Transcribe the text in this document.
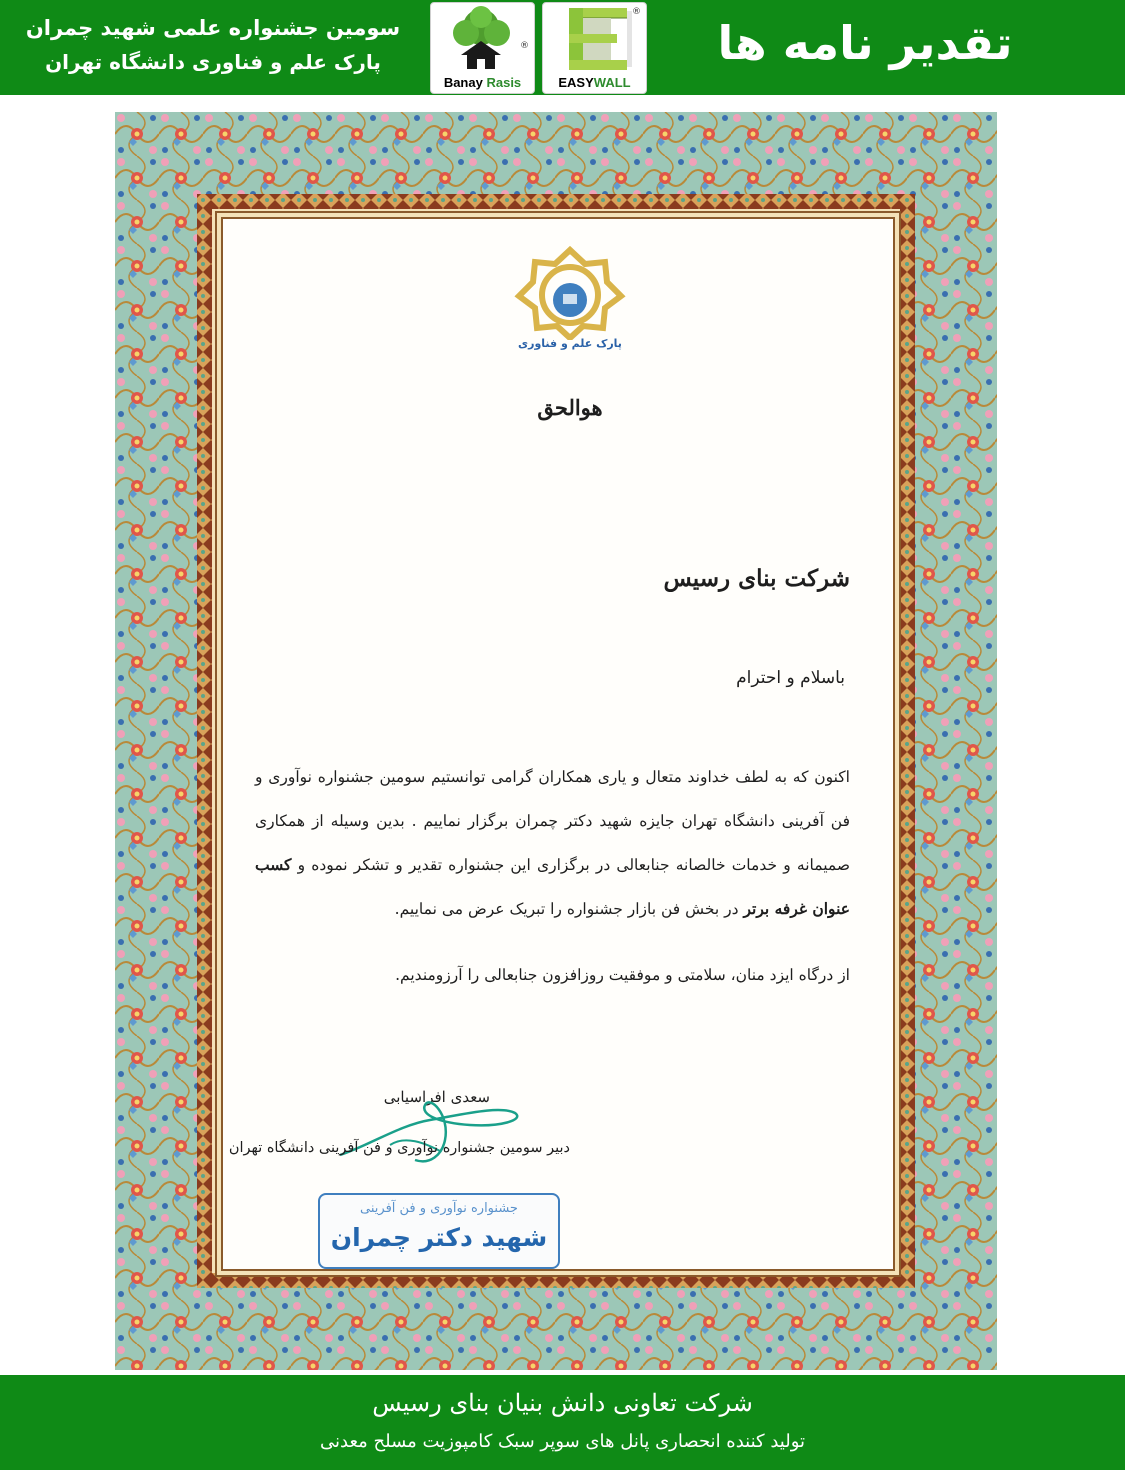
سومین جشنواره علمی شهید چمران
پارک علم و فناوری دانشگاه تهران
®
Banay Rasis
®
EASYWALL
تقدیر نامه ها
پارک علم و فناوری
هوالحق
شرکت بنای رسیس
باسلام و احترام
اکنون که به لطف خداوند متعال و یاری همکاران گرامی توانستیم سومین جشنواره نوآوری و فن آفرینی دانشگاه تهران جایزه شهید دکتر چمران برگزار نماییم . بدین وسیله از همکاری صمیمانه و خدمات خالصانه جنابعالی در برگزاری این جشنواره تقدیر و تشکر نموده و کسب عنوان غرفه برتر در بخش فن بازار جشنواره را تبریک عرض می نماییم.
از درگاه ایزد منان، سلامتی و موفقیت روزافزون جنابعالی را آرزومندیم.
سعدی افراسیابی
دبیر سومین جشنواره نوآوری و فن آفرینی دانشگاه تهران
جشنواره نوآوری و فن آفرینی
شهید دکتر چمران
شرکت تعاونی دانش بنیان بنای رسیس
تولید کننده انحصاری پانل های سوپر سبک کامپوزیت مسلح معدنی
